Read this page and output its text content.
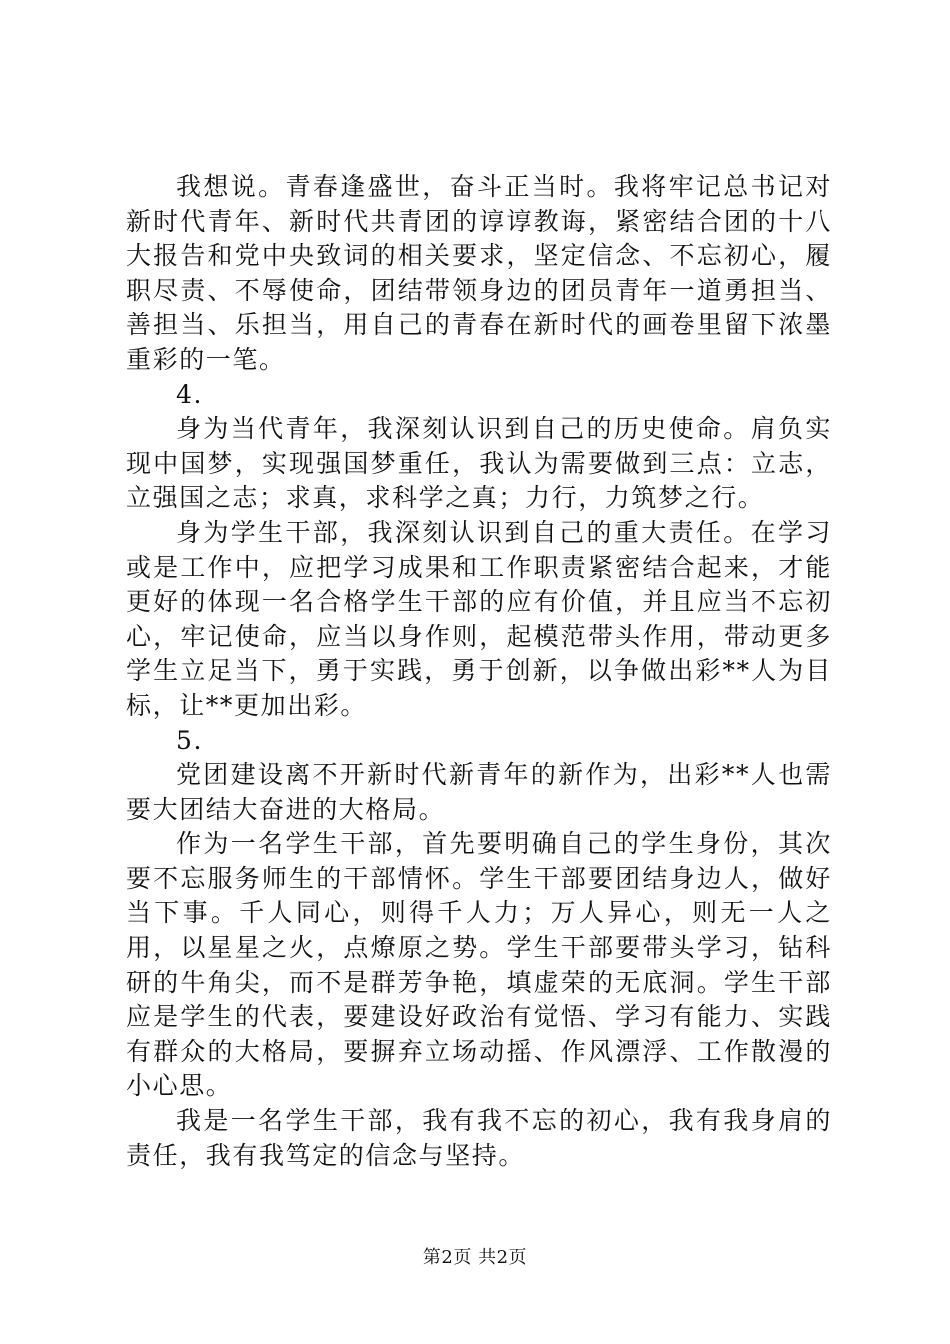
我想说。青春逢盛世，奋斗正当时。我将牢记总书记对新时代青年、新时代共青团的谆谆教诲，紧密结合团的十八大报告和党中央致词的相关要求，坚定信念、不忘初心，履职尽责、不辱使命，团结带领身边的团员青年一道勇担当、善担当、乐担当，用自己的青春在新时代的画卷里留下浓墨重彩的一笔。

4.

身为当代青年，我深刻认识到自己的历史使命。肩负实现中国梦，实现强国梦重任，我认为需要做到三点：立志，立强国之志；求真，求科学之真；力行，力筑梦之行。

身为学生干部，我深刻认识到自己的重大责任。在学习或是工作中，应把学习成果和工作职责紧密结合起来，才能更好的体现一名合格学生干部的应有价值，并且应当不忘初心，牢记使命，应当以身作则，起模范带头作用，带动更多学生立足当下，勇于实践，勇于创新，以争做出彩**人为目标，让**更加出彩。

5.

党团建设离不开新时代新青年的新作为，出彩**人也需要大团结大奋进的大格局。

作为一名学生干部，首先要明确自己的学生身份，其次要不忘服务师生的干部情怀。学生干部要团结身边人，做好当下事。千人同心，则得千人力；万人异心，则无一人之用，以星星之火，点燎原之势。学生干部要带头学习，钻科研的牛角尖，而不是群芳争艳，填虚荣的无底洞。学生干部应是学生的代表，要建设好政治有觉悟、学习有能力、实践有群众的大格局，要摒弃立场动摇、作风漂浮、工作散漫的小心思。

我是一名学生干部，我有我不忘的初心，我有我身肩的责任，我有我笃定的信念与坚持。

第2页 共2页
